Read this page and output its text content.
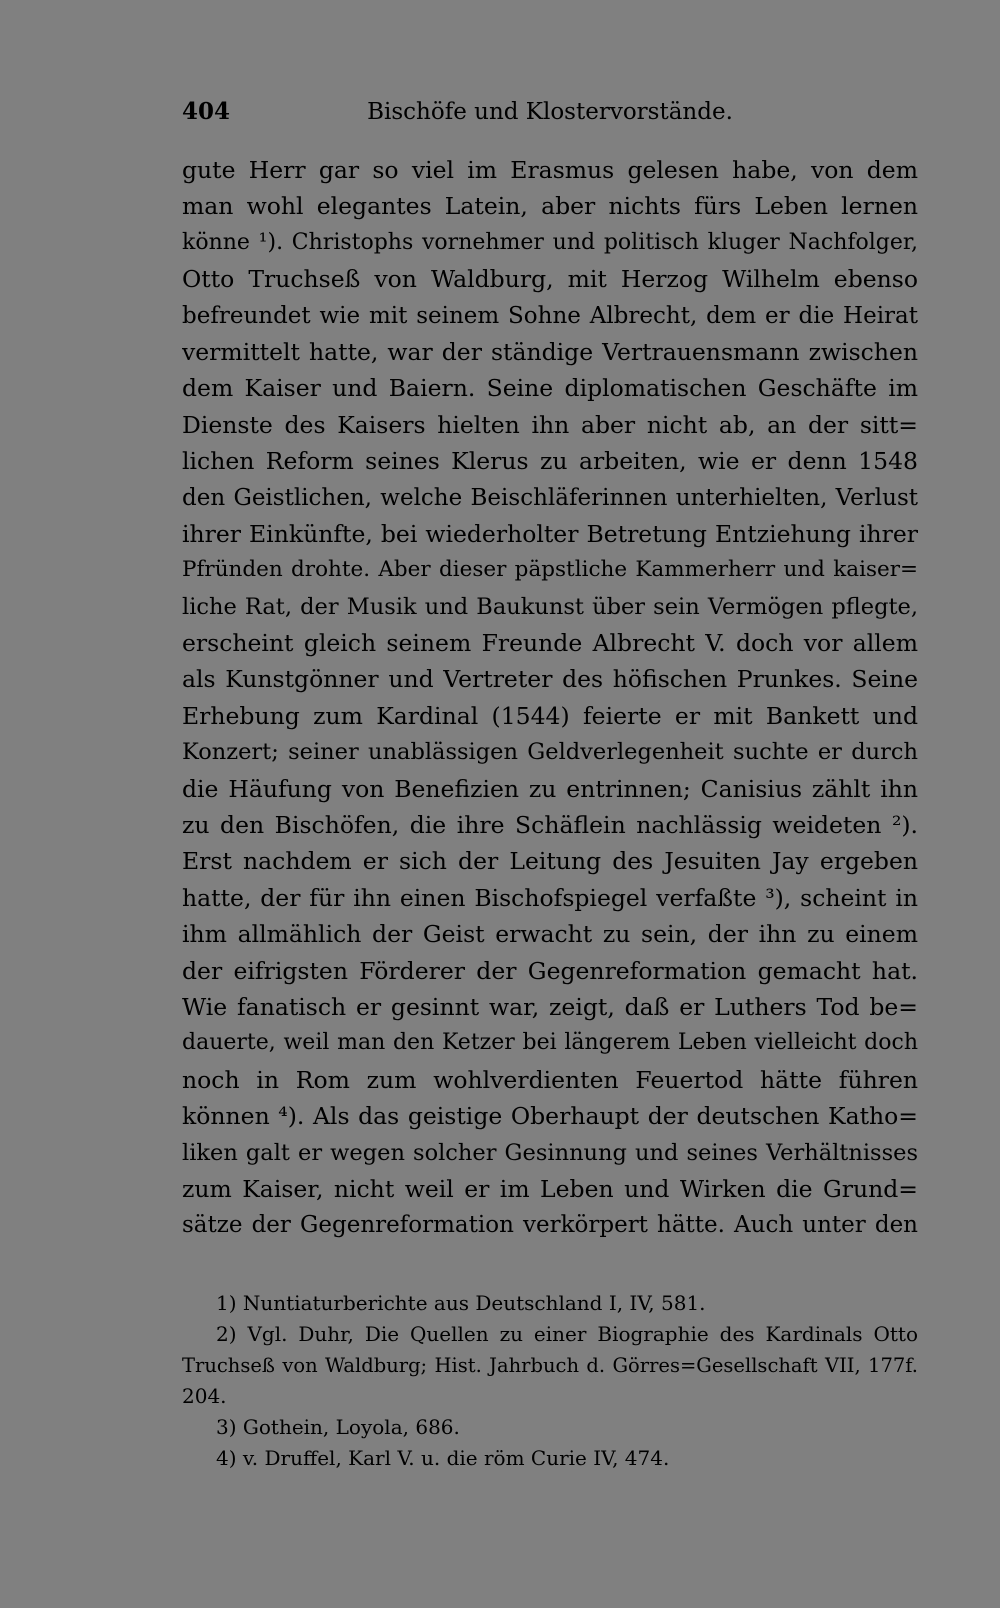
404	Bischöfe und Klostervorstände.
gute Herr gar so viel im Erasmus gelesen habe, von dem
man wohl elegantes Latein, aber nichts fürs Leben lernen
könne ¹). Christophs vornehmer und politisch kluger Nachfolger,
Otto Truchseß von Waldburg, mit Herzog Wilhelm ebenso
befreundet wie mit seinem Sohne Albrecht, dem er die Heirat
vermittelt hatte, war der ständige Vertrauensmann zwischen
dem Kaiser und Baiern. Seine diplomatischen Geschäfte im
Dienste des Kaisers hielten ihn aber nicht ab, an der sitt=
lichen Reform seines Klerus zu arbeiten, wie er denn 1548
den Geistlichen, welche Beischläferinnen unterhielten, Verlust
ihrer Einkünfte, bei wiederholter Betretung Entziehung ihrer
Pfründen drohte. Aber dieser päpstliche Kammerherr und kaiser=
liche Rat, der Musik und Baukunst über sein Vermögen pflegte,
erscheint gleich seinem Freunde Albrecht V. doch vor allem
als Kunstgönner und Vertreter des höfischen Prunkes. Seine
Erhebung zum Kardinal (1544) feierte er mit Bankett und
Konzert; seiner unablässigen Geldverlegenheit suchte er durch
die Häufung von Benefizien zu entrinnen; Canisius zählt ihn
zu den Bischöfen, die ihre Schäflein nachlässig weideten ²).
Erst nachdem er sich der Leitung des Jesuiten Jay ergeben
hatte, der für ihn einen Bischofspiegel verfaßte ³), scheint in
ihm allmählich der Geist erwacht zu sein, der ihn zu einem
der eifrigsten Förderer der Gegenreformation gemacht hat.
Wie fanatisch er gesinnt war, zeigt, daß er Luthers Tod be=
dauerte, weil man den Ketzer bei längerem Leben vielleicht doch
noch in Rom zum wohlverdienten Feuertod hätte führen
können ⁴). Als das geistige Oberhaupt der deutschen Katho=
liken galt er wegen solcher Gesinnung und seines Verhältnisses
zum Kaiser, nicht weil er im Leben und Wirken die Grund=
sätze der Gegenreformation verkörpert hätte. Auch unter den
1) Nuntiaturberichte aus Deutschland I, IV, 581.
2) Vgl. Duhr, Die Quellen zu einer Biographie des Kardinals Otto
Truchseß von Waldburg; Hist. Jahrbuch d. Görres=Gesellschaft VII, 177f.
204.
3) Gothein, Loyola, 686.
4) v. Druffel, Karl V. u. die röm Curie IV, 474.
